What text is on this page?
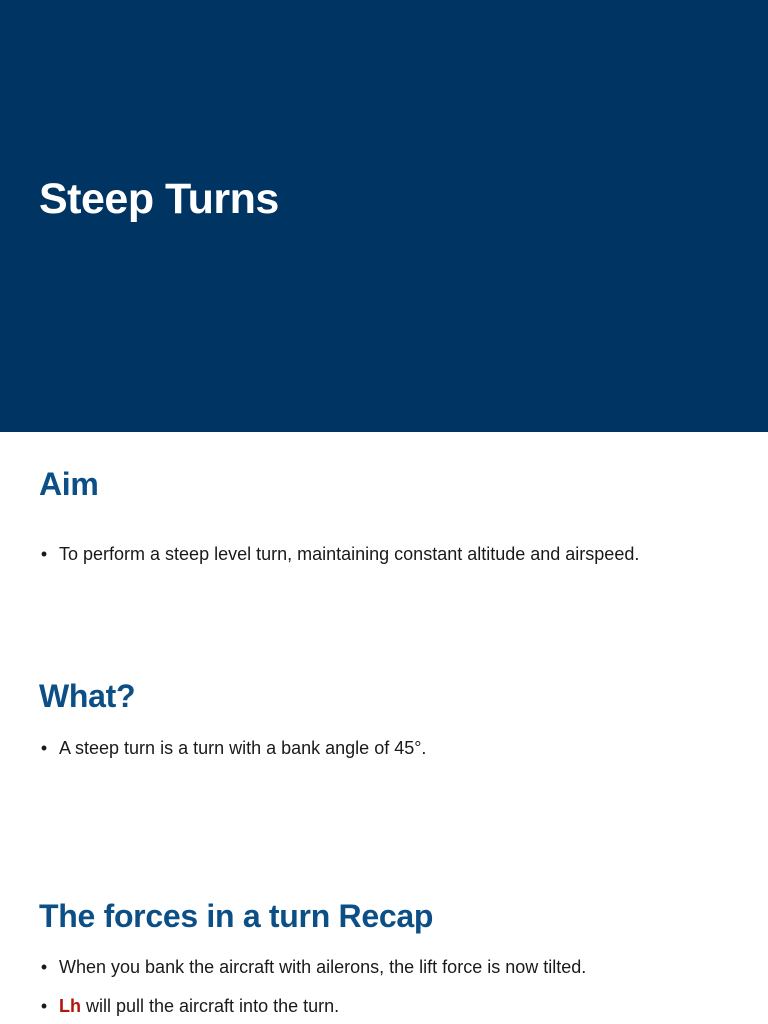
Steep Turns
Aim
• To perform a steep level turn, maintaining constant altitude and airspeed.
What?
• A steep turn is a turn with a bank angle of 45°.
The forces in a turn Recap
• When you bank the aircraft with ailerons, the lift force is now tilted.
• Lh will pull the aircraft into the turn.
